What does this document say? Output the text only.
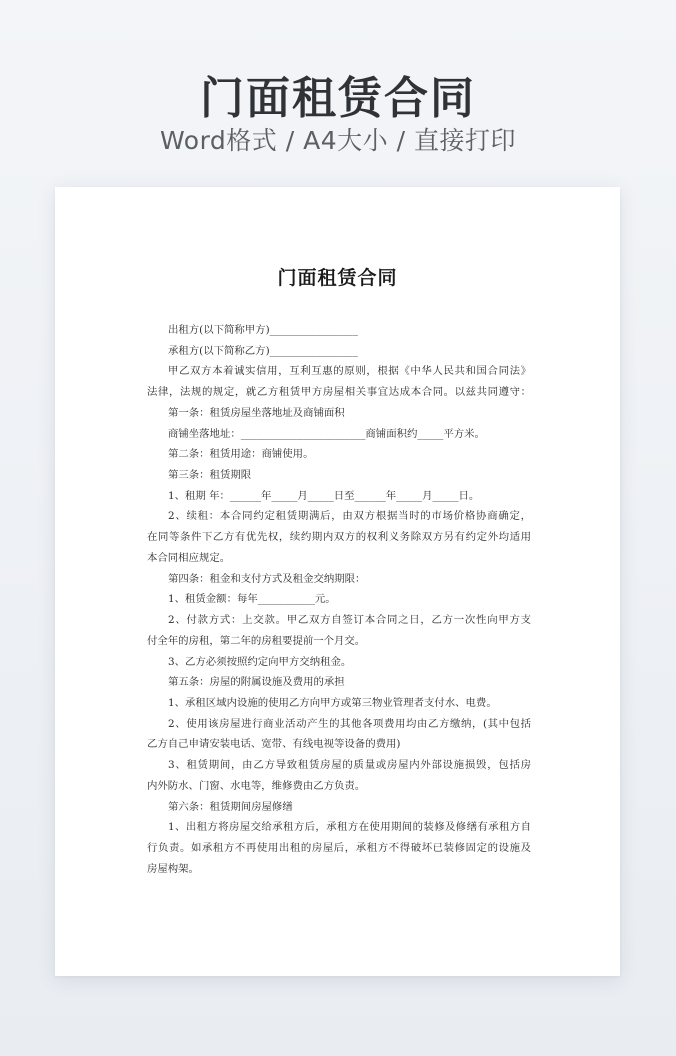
门面租赁合同
Word格式 / A4大小 / 直接打印
门面租赁合同
出租方(以下简称甲方)_________________
承租方(以下简称乙方)_________________
甲乙双方本着诚实信用，互利互惠的原则，根据《中华人民共和国合同法》
法律，法规的规定，就乙方租赁甲方房屋相关事宜达成本合同。以兹共同遵守：
第一条：租赁房屋坐落地址及商铺面积
商铺坐落地址：________________________商铺面积约_____平方米。
第二条：租赁用途：商铺使用。
第三条：租赁期限
1、租期 年：______年_____月_____日至______年_____月_____日。
2、续租：本合同约定租赁期满后，由双方根据当时的市场价格协商确定，
在同等条件下乙方有优先权，续约期内双方的权利义务除双方另有约定外均适用
本合同相应规定。
第四条：租金和支付方式及租金交纳期限：
1、租赁金额：每年___________元。
2、付款方式：上交款。甲乙双方自签订本合同之日，乙方一次性向甲方支
付全年的房租，第二年的房租要提前一个月交。
3、乙方必须按照约定向甲方交纳租金。
第五条：房屋的附属设施及费用的承担
1、承租区域内设施的使用乙方向甲方或第三物业管理者支付水、电费。
2、使用该房屋进行商业活动产生的其他各项费用均由乙方缴纳，(其中包括
乙方自己申请安装电话、宽带、有线电视等设备的费用)
3、租赁期间，由乙方导致租赁房屋的质量或房屋内外部设施损毁，包括房
内外防水、门窗、水电等，维修费由乙方负责。
第六条：租赁期间房屋修缮
1、出租方将房屋交给承租方后，承租方在使用期间的装修及修缮有承租方自
行负责。如承租方不再使用出租的房屋后，承租方不得破坏已装修固定的设施及
房屋构架。
